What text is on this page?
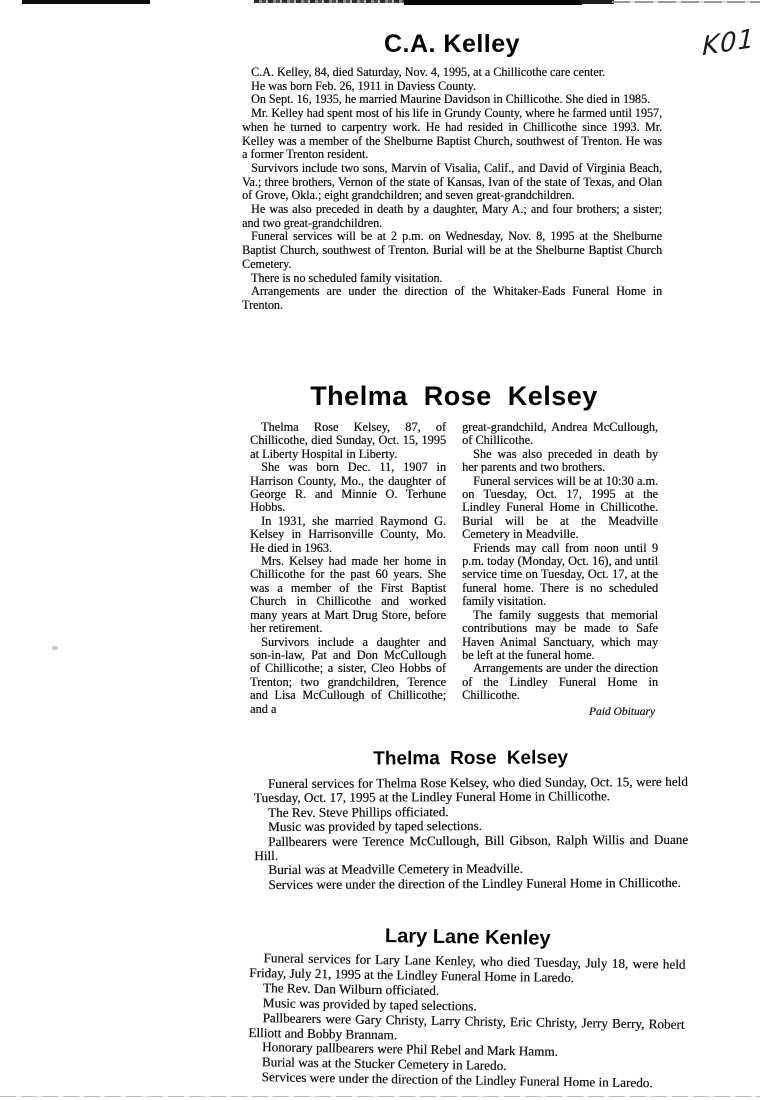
K01
C.A. Kelley

C.A. Kelley, 84, died Saturday, Nov. 4, 1995, at a Chillicothe care center.

He was born Feb. 26, 1911 in Daviess County.

On Sept. 16, 1935, he married Maurine Davidson in Chillicothe. She died in 1985.

Mr. Kelley had spent most of his life in Grundy County, where he farmed until 1957, when he turned to carpentry work. He had resided in Chillicothe since 1993. Mr. Kelley was a member of the Shelburne Baptist Church, southwest of Trenton. He was a former Trenton resident.

Survivors include two sons, Marvin of Visalia, Calif., and David of Virginia Beach, Va.; three brothers, Vernon of the state of Kansas, Ivan of the state of Texas, and Olan of Grove, Okla.; eight grandchildren; and seven great-grandchildren.

He was also preceded in death by a daughter, Mary A.; and four brothers; a sister; and two great-grandchildren.

Funeral services will be at 2 p.m. on Wednesday, Nov. 8, 1995 at the Shelburne Baptist Church, southwest of Trenton. Burial will be at the Shelburne Baptist Church Cemetery.

There is no scheduled family visitation.

Arrangements are under the direction of the Whitaker-Eads Funeral Home in Trenton.

Thelma Rose Kelsey

Thelma Rose Kelsey, 87, of Chillicothe, died Sunday, Oct. 15, 1995 at Liberty Hospital in Liberty.

She was born Dec. 11, 1907 in Harrison County, Mo., the daughter of George R. and Minnie O. Terhune Hobbs.

In 1931, she married Raymond G. Kelsey in Harrisonville County, Mo. He died in 1963.

Mrs. Kelsey had made her home in Chillicothe for the past 60 years. She was a member of the First Baptist Church in Chillicothe and worked many years at Mart Drug Store, before her retirement.

Survivors include a daughter and son-in-law, Pat and Don McCullough of Chillicothe; a sister, Cleo Hobbs of Trenton; two grandchildren, Terence and Lisa McCullough of Chillicothe; and a

great-grandchild, Andrea McCullough, of Chillicothe.

She was also preceded in death by her parents and two brothers.

Funeral services will be at 10:30 a.m. on Tuesday, Oct. 17, 1995 at the Lindley Funeral Home in Chillicothe. Burial will be at the Meadville Cemetery in Meadville.

Friends may call from noon until 9 p.m. today (Monday, Oct. 16), and until service time on Tuesday, Oct. 17, at the funeral home. There is no scheduled family visitation.

The family suggests that memorial contributions may be made to Safe Haven Animal Sanctuary, which may be left at the funeral home.

Arrangements are under the direction of the Lindley Funeral Home in Chillicothe.

Paid Obituary
Thelma Rose Kelsey

Funeral services for Thelma Rose Kelsey, who died Sunday, Oct. 15, were held Tuesday, Oct. 17, 1995 at the Lindley Funeral Home in Chillicothe.

The Rev. Steve Phillips officiated.

Music was provided by taped selections.

Pallbearers were Terence McCullough, Bill Gibson, Ralph Willis and Duane Hill.

Burial was at Meadville Cemetery in Meadville.

Services were under the direction of the Lindley Funeral Home in Chillicothe.

Lary Lane Kenley

Funeral services for Lary Lane Kenley, who died Tuesday, July 18, were held Friday, July 21, 1995 at the Lindley Funeral Home in Laredo.

The Rev. Dan Wilburn officiated.

Music was provided by taped selections.

Pallbearers were Gary Christy, Larry Christy, Eric Christy, Jerry Berry, Robert Elliott and Bobby Brannam.

Honorary pallbearers were Phil Rebel and Mark Hamm.

Burial was at the Stucker Cemetery in Laredo.

Services were under the direction of the Lindley Funeral Home in Laredo.
